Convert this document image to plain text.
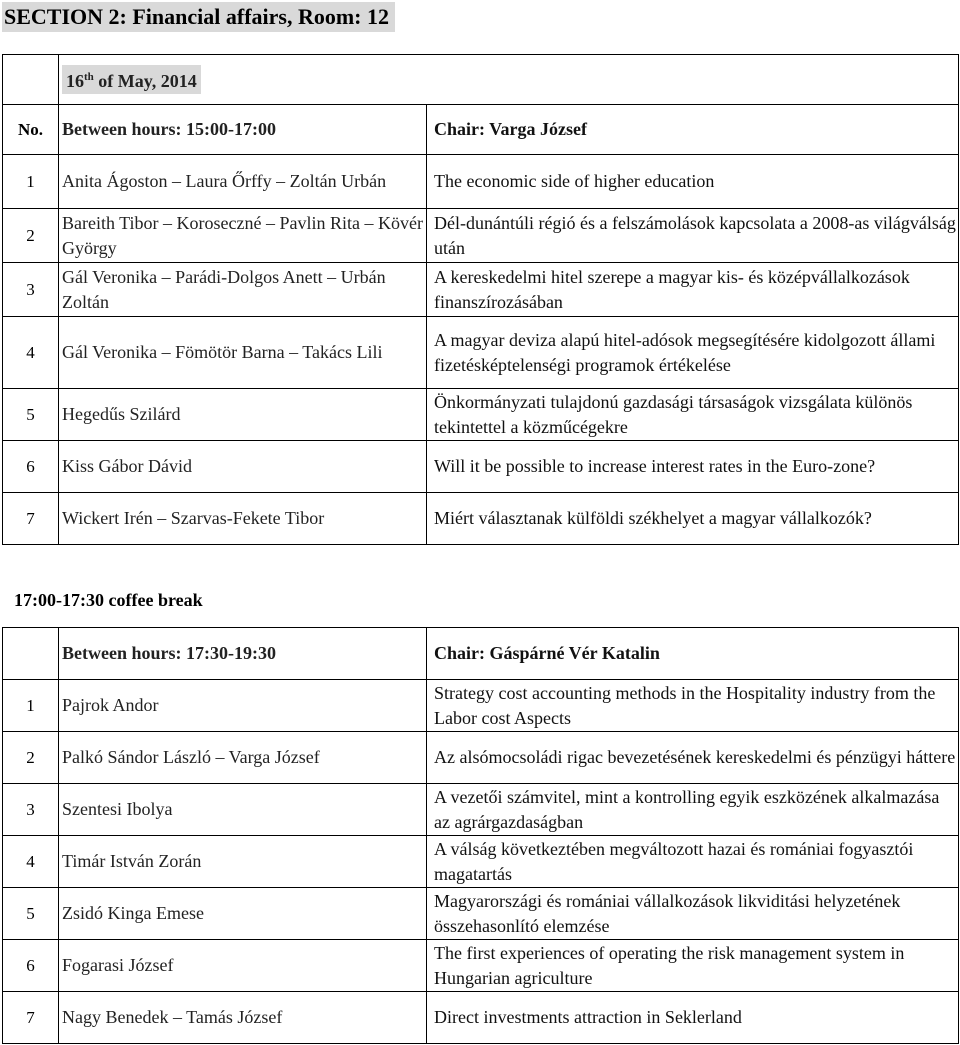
SECTION 2: Financial affairs, Room: 12
	16th of May, 2014	
No.	Between hours: 15:00-17:00	Chair: Varga József
1	Anita Ágoston – Laura Őrffy – Zoltán Urbán	The economic side of higher education
2	Bareith Tibor – Koroseczné – Pavlin Rita – Kövér György	Dél-dunántúli régió és a felszámolások kapcsolata a 2008-as világválság után
3	Gál Veronika – Parádi-Dolgos Anett – Urbán Zoltán	A kereskedelmi hitel szerepe a magyar kis- és középvállalkozások finanszírozásában
4	Gál Veronika – Fömötör Barna – Takács Lili	A magyar deviza alapú hitel-adósok megsegítésére kidolgozott állami fizetésképtelenségi programok értékelése
5	Hegedűs Szilárd	Önkormányzati tulajdonú gazdasági társaságok vizsgálata különös tekintettel a közműcégekre
6	Kiss Gábor Dávid	Will it be possible to increase interest rates in the Euro-zone?
7	Wickert Irén – Szarvas-Fekete Tibor	Miért választanak külföldi székhelyet a magyar vállalkozók?
17:00-17:30 coffee break
	Between hours: 17:30-19:30	Chair: Gáspárné Vér Katalin
1	Pajrok Andor	Strategy cost accounting methods in the Hospitality industry from the Labor cost Aspects
2	Palkó Sándor László – Varga József	Az alsómocsoládi rigac bevezetésének kereskedelmi és pénzügyi háttere
3	Szentesi Ibolya	A vezetői számvitel, mint a kontrolling egyik eszközének alkalmazása az agrárgazdaságban
4	Timár István Zorán	A válság következtében megváltozott hazai és romániai fogyasztói magatartás
5	Zsidó Kinga Emese	Magyarországi és romániai vállalkozások likviditási helyzetének összehasonlító elemzése
6	Fogarasi József	The first experiences of operating the risk management system in Hungarian agriculture
7	Nagy Benedek – Tamás József	Direct investments attraction in Seklerland
